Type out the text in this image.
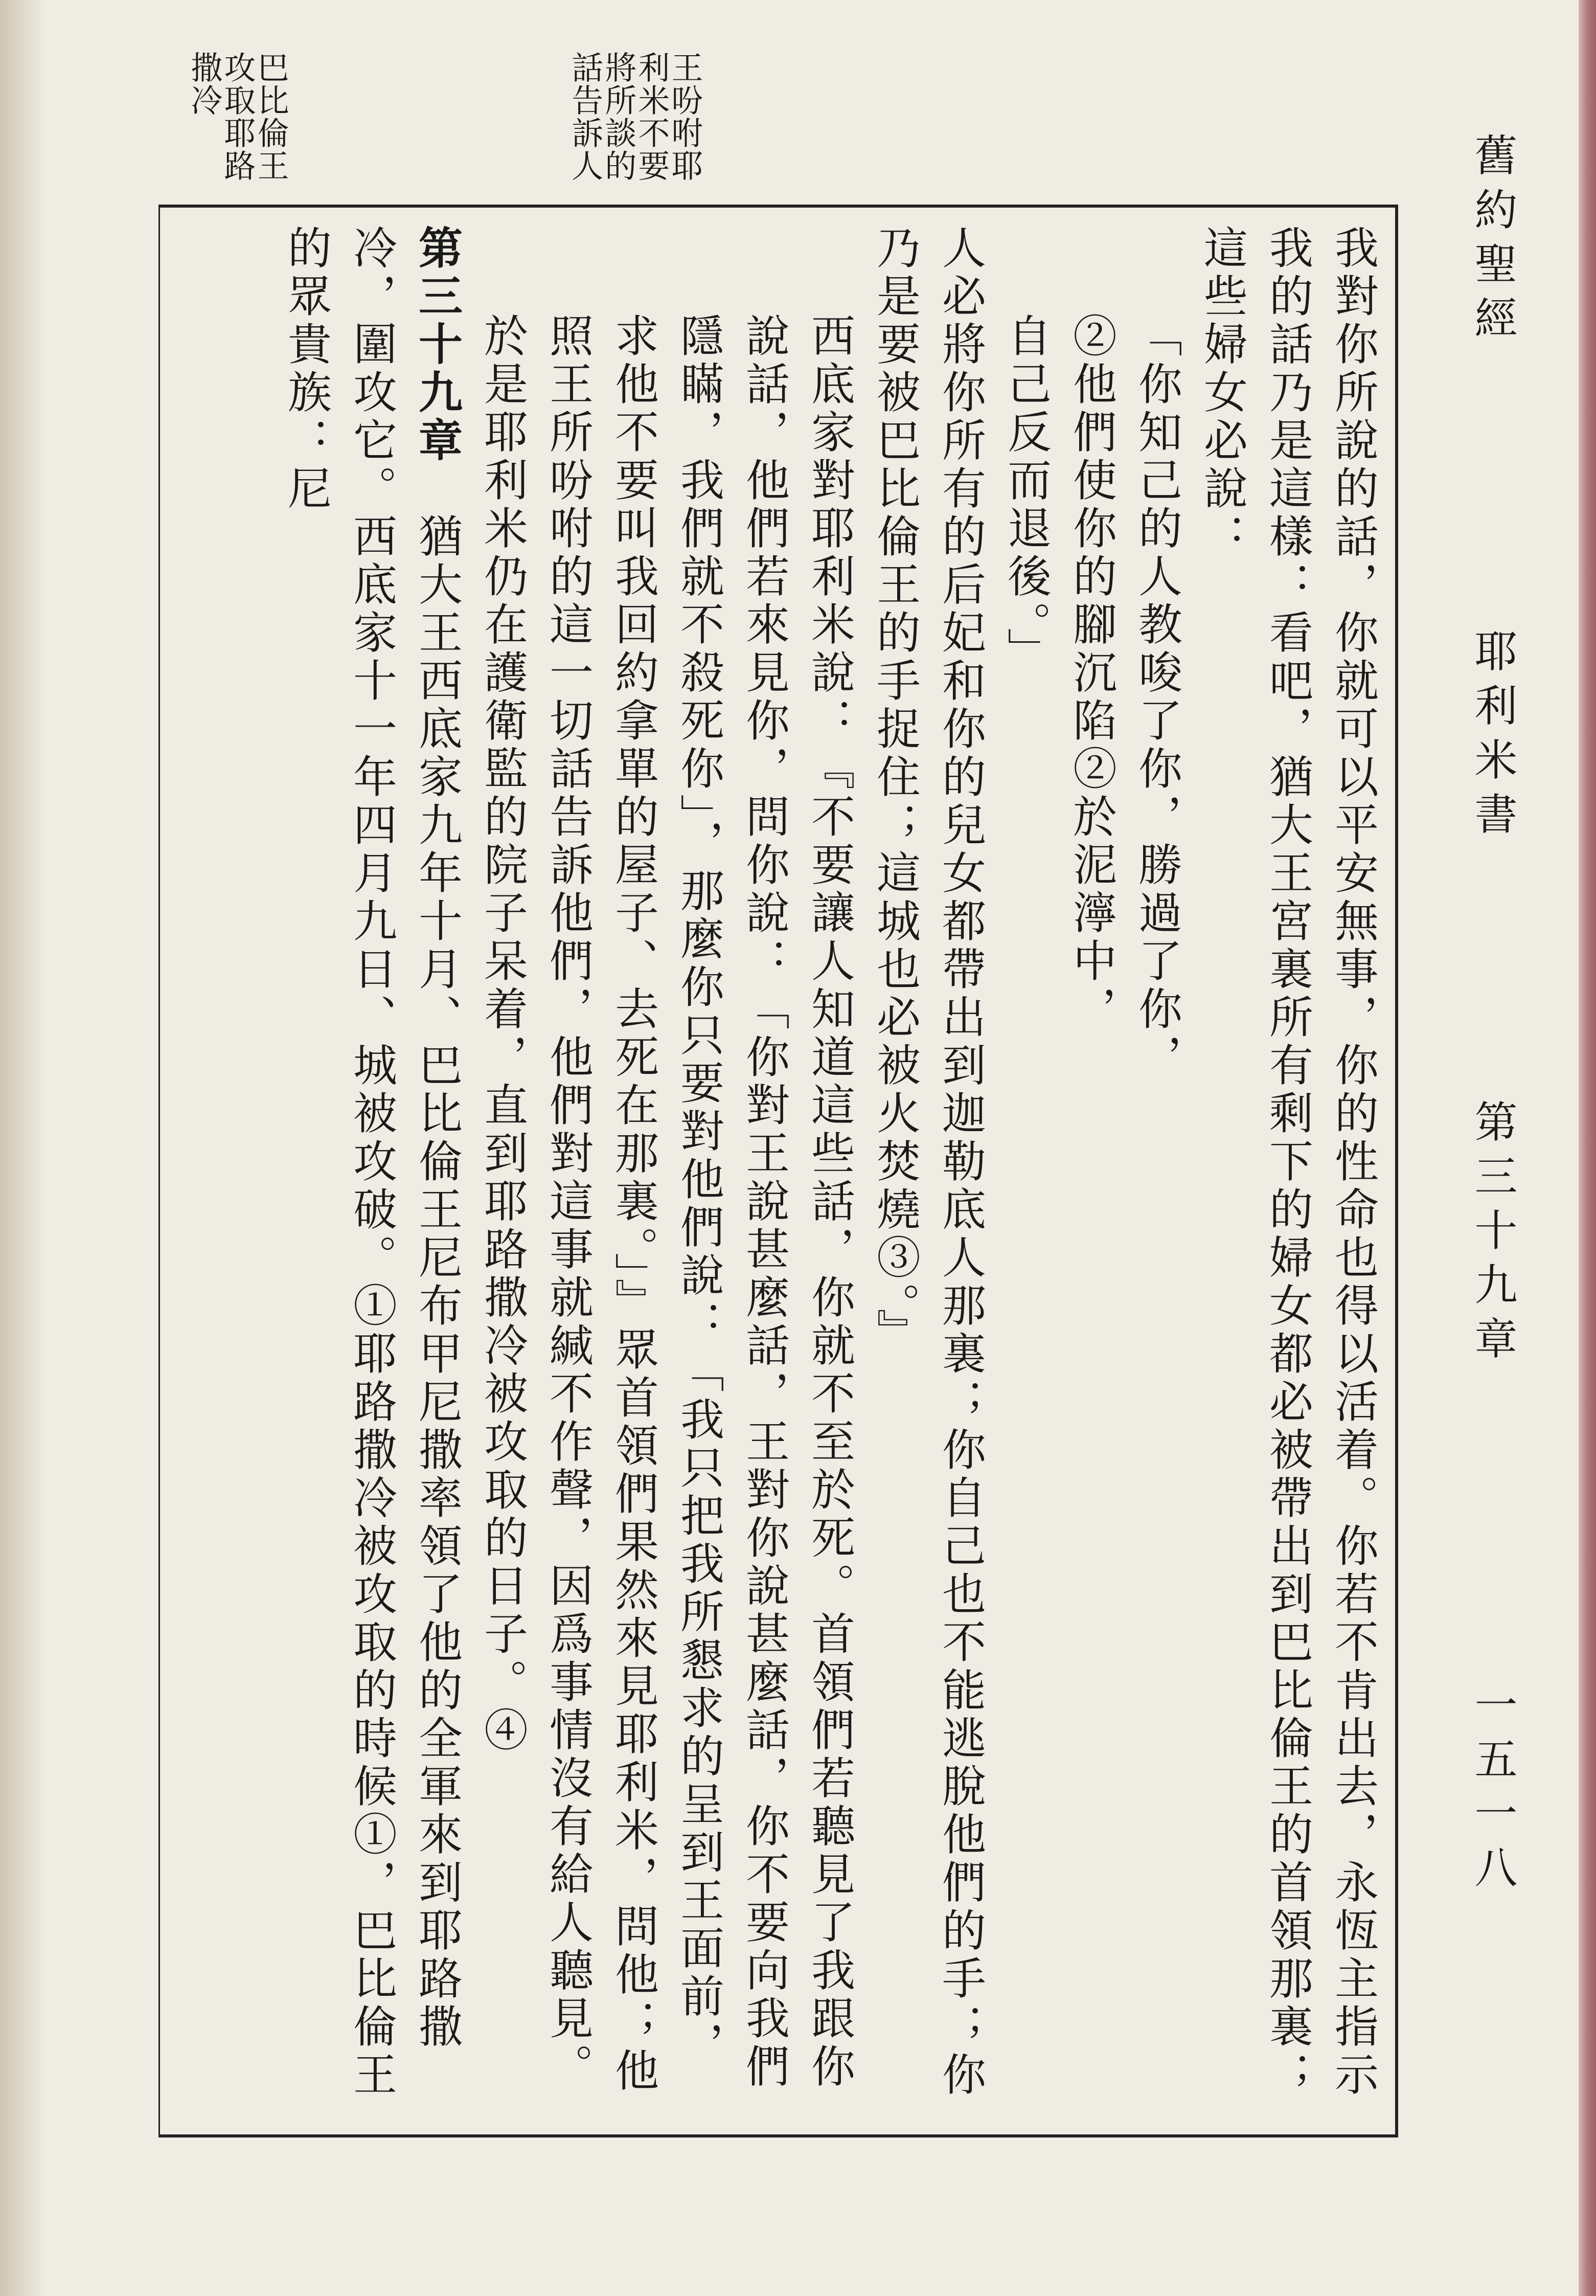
舊約聖經
耶利米書
第三十九章
一五一八
王吩咐耶
利米不要
將所談的
話告訴人
巴比倫王
攻取耶路
撒冷

我對你所說的話，你就可以平安無事，你的性命也得以活着。你若不肯出去，永恆主指示我的話乃是這樣：看吧，猶大王宮裏所有剩下的婦女都必被帶出到巴比倫王的首領那裏；這些婦女必說：

「你知己的人教唆了你，勝過了你，

②他們使你的腳沉陷②於泥濘中，

自己反而退後。」

人必將你所有的后妃和你的兒女都帶出到迦勒底人那裏；你自己也不能逃脫他們的手；你乃是要被巴比倫王的手捉住；這城也必被火焚燒③。』

西底家對耶利米說：『不要讓人知道這些話，你就不至於死。首領們若聽見了我跟你說話，他們若來見你，問你說：「你對王說甚麼話，王對你說甚麼話，你不要向我們隱瞞，我們就不殺死你」，那麼你只要對他們說：「我只把我所懇求的呈到王面前，求他不要叫我回約拿單的屋子、去死在那裏。」』眾首領們果然來見耶利米，問他；他照王所吩咐的這一切話告訴他們，他們對這事就緘不作聲，因爲事情沒有給人聽見。於是耶利米仍在護衛監的院子呆着，直到耶路撒冷被攻取的日子。④

第三十九章　猶大王西底家九年十月、巴比倫王尼布甲尼撒率領了他的全軍來到耶路撒冷，圍攻它。西底家十一年四月九日、城被攻破。①耶路撒冷被攻取的時候①，巴比倫王的眾貴族：尼
